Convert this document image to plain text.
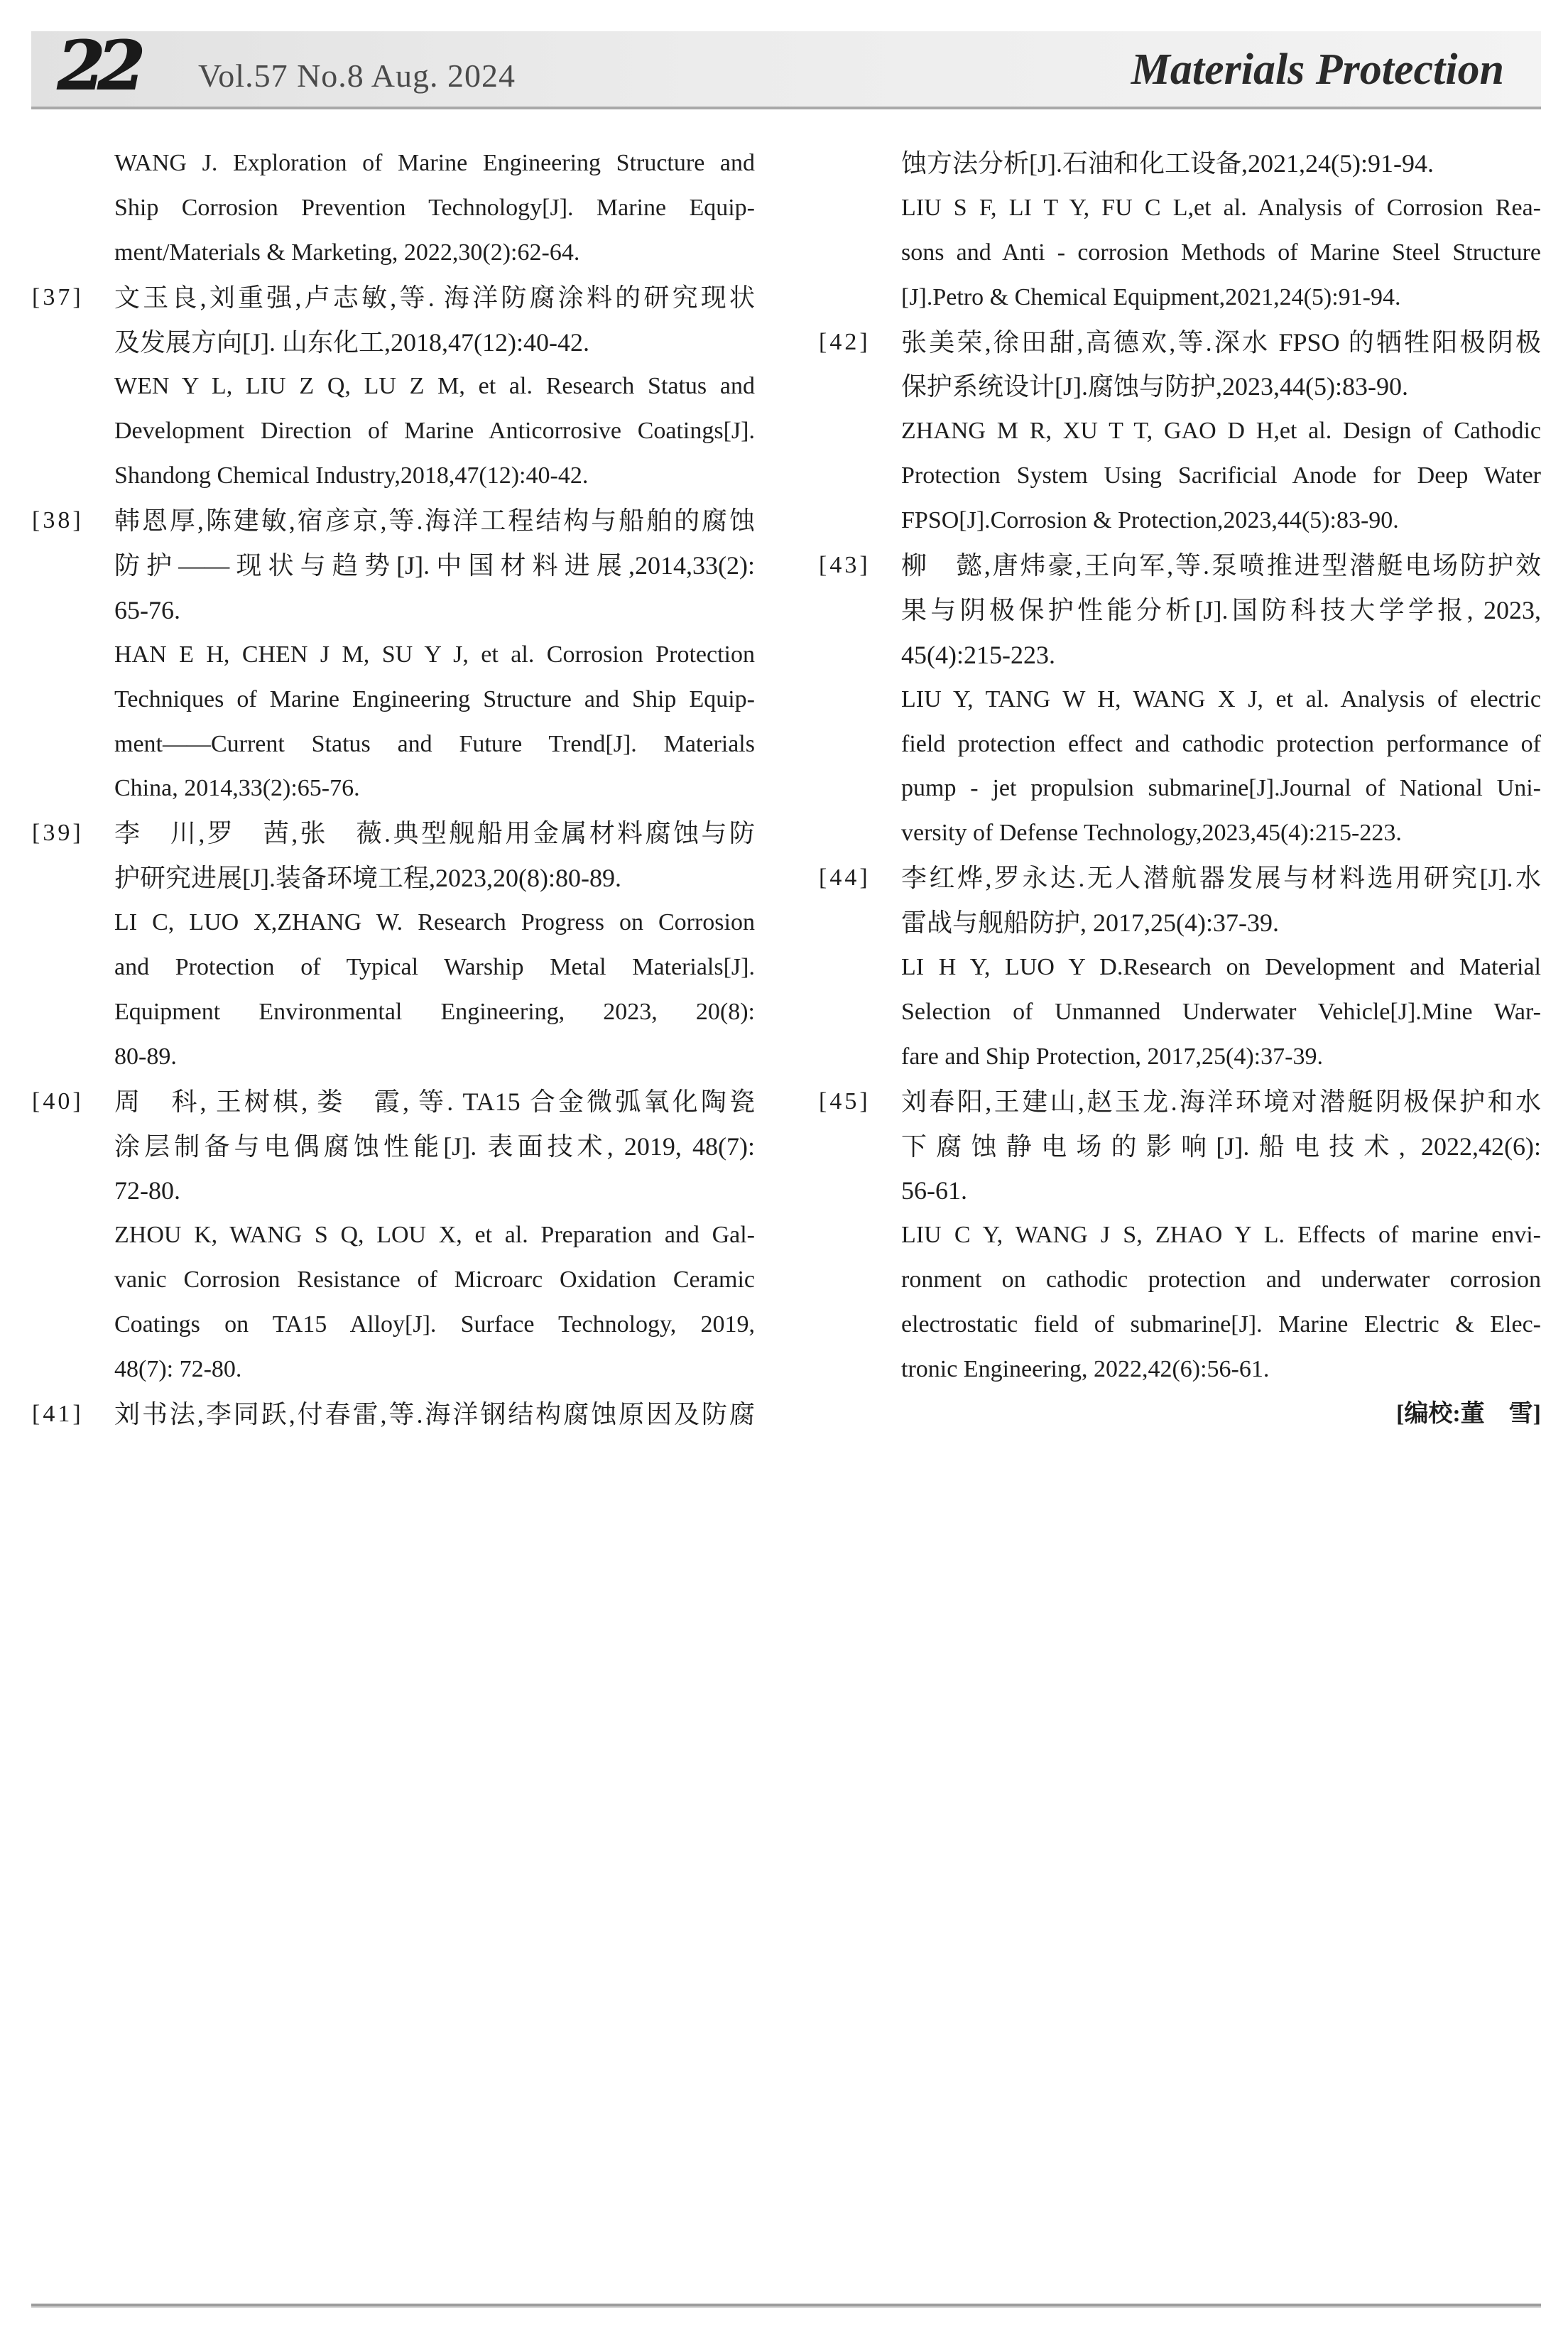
22 Vol.57 No.8 Aug. 2024	Materials Protection
WANG J. Exploration of Marine Engineering Structure and
Ship Corrosion Prevention Technology[J]. Marine Equip-
ment/Materials & Marketing, 2022,30(2):62-64.
[37] 文玉良,刘重强,卢志敏,等. 海洋防腐涂料的研究现状
及发展方向[J]. 山东化工,2018,47(12):40-42.
WEN Y L, LIU Z Q, LU Z M, et al. Research Status and
Development Direction of Marine Anticorrosive Coatings[J].
Shandong Chemical Industry,2018,47(12):40-42.
[38] 韩恩厚,陈建敏,宿彦京,等.海洋工程结构与船舶的腐蚀
防护——现状与趋势[J].中国材料进展,2014,33(2):
65-76.
HAN E H, CHEN J M, SU Y J, et al. Corrosion Protection
Techniques of Marine Engineering Structure and Ship Equip-
ment——Current Status and Future Trend[J]. Materials
China, 2014,33(2):65-76.
[39] 李　川,罗　茜,张　薇.典型舰船用金属材料腐蚀与防
护研究进展[J].装备环境工程,2023,20(8):80-89.
LI C, LUO X,ZHANG W. Research Progress on Corrosion
and Protection of Typical Warship Metal Materials[J].
Equipment Environmental Engineering, 2023, 20(8):
80-89.
[40] 周　科, 王树棋, 娄　霞, 等. TA15 合金微弧氧化陶瓷
涂层制备与电偶腐蚀性能[J]. 表面技术, 2019, 48(7):
72-80.
ZHOU K, WANG S Q, LOU X, et al. Preparation and Gal-
vanic Corrosion Resistance of Microarc Oxidation Ceramic
Coatings on TA15 Alloy[J]. Surface Technology, 2019,
48(7): 72-80.
[41] 刘书法,李同跃,付春雷,等.海洋钢结构腐蚀原因及防腐
蚀方法分析[J].石油和化工设备,2021,24(5):91-94.
LIU S F, LI T Y, FU C L,et al. Analysis of Corrosion Rea-
sons and Anti - corrosion Methods of Marine Steel Structure
[J].Petro & Chemical Equipment,2021,24(5):91-94.
[42] 张美荣,徐田甜,高德欢,等.深水 FPSO 的牺牲阳极阴极
保护系统设计[J].腐蚀与防护,2023,44(5):83-90.
ZHANG M R, XU T T, GAO D H,et al. Design of Cathodic
Protection System Using Sacrificial Anode for Deep Water
FPSO[J].Corrosion & Protection,2023,44(5):83-90.
[43] 柳　懿,唐炜豪,王向军,等.泵喷推进型潜艇电场防护效
果与阴极保护性能分析[J].国防科技大学学报, 2023,
45(4):215-223.
LIU Y, TANG W H, WANG X J, et al. Analysis of electric
field protection effect and cathodic protection performance of
pump - jet propulsion submarine[J].Journal of National Uni-
versity of Defense Technology,2023,45(4):215-223.
[44] 李红烨,罗永达.无人潜航器发展与材料选用研究[J].水
雷战与舰船防护, 2017,25(4):37-39.
LI H Y, LUO Y D.Research on Development and Material
Selection of Unmanned Underwater Vehicle[J].Mine War-
fare and Ship Protection, 2017,25(4):37-39.
[45] 刘春阳,王建山,赵玉龙.海洋环境对潜艇阴极保护和水
下腐蚀静电场的影响[J].船电技术, 2022,42(6):
56-61.
LIU C Y, WANG J S, ZHAO Y L. Effects of marine envi-
ronment on cathodic protection and underwater corrosion
electrostatic field of submarine[J]. Marine Electric & Elec-
tronic Engineering, 2022,42(6):56-61.
[编校:董　雪]
